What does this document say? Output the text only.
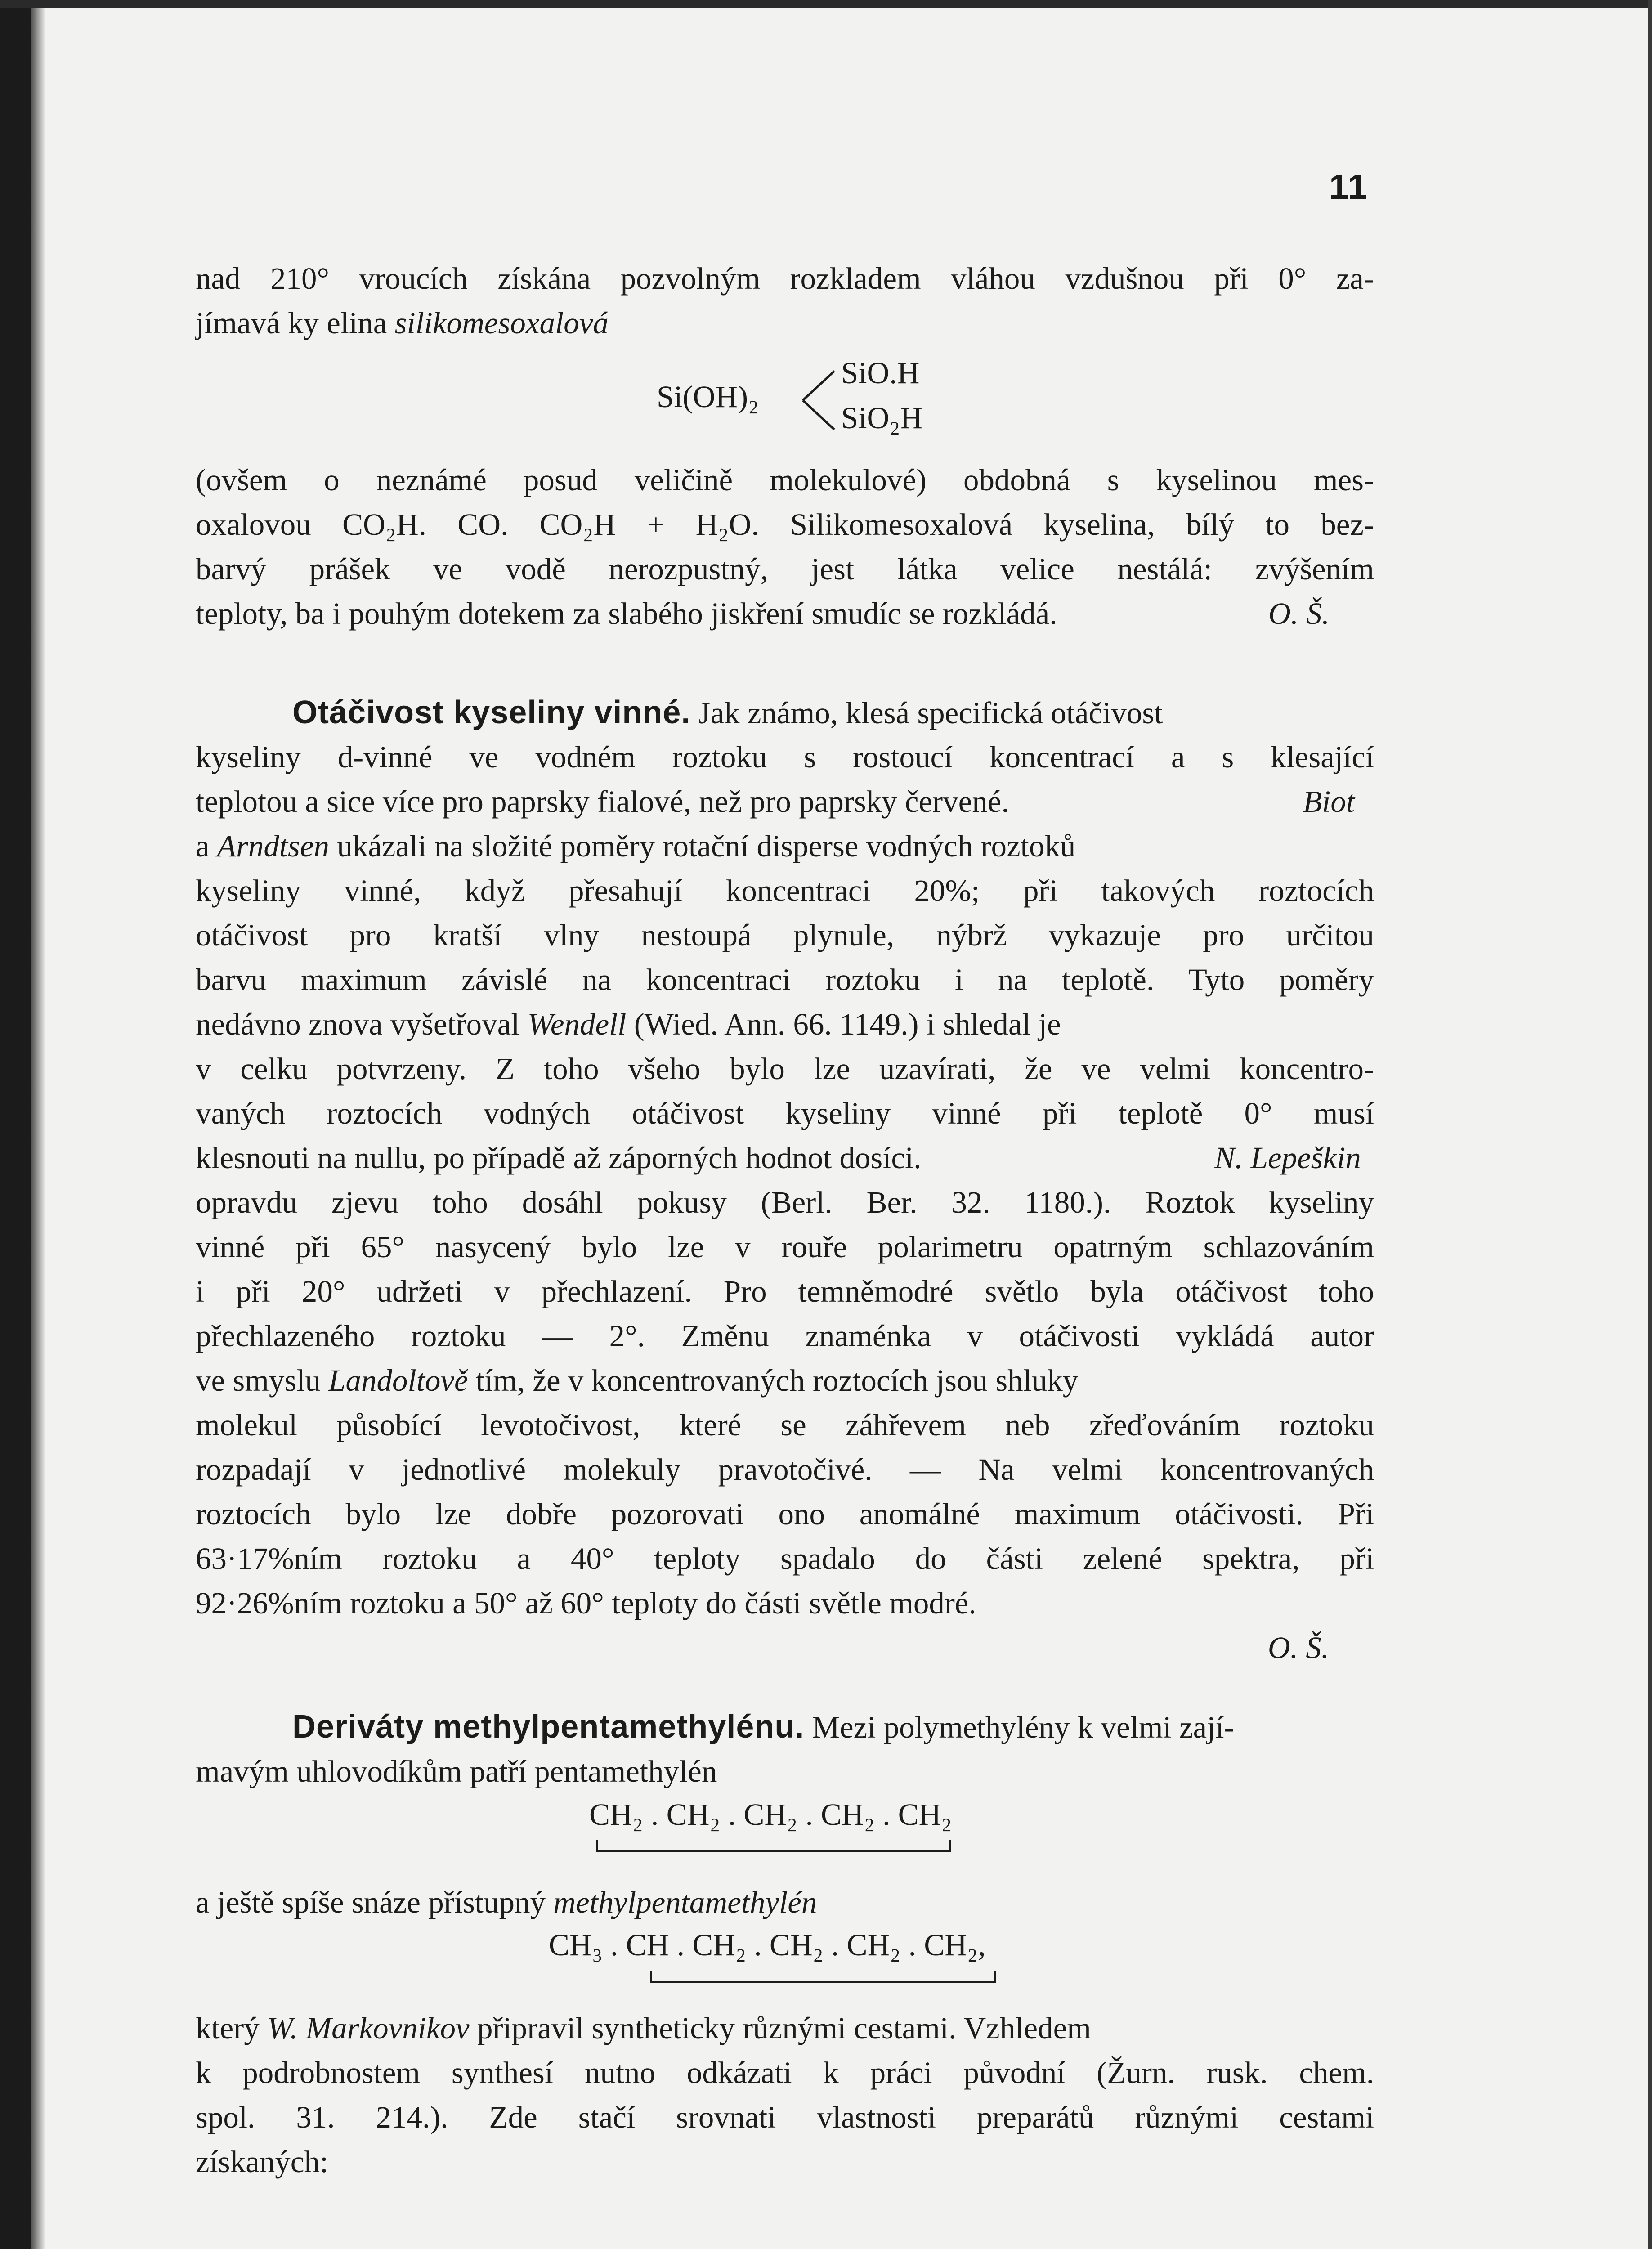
11
nad 210° vroucích získána pozvolným rozkladem vláhou vzdušnou při 0° za-
jímavá ky elina silikomesoxalová
Si(OH)₂
SiO.H
SiO₂H
(ovšem o neznámé posud veličině molekulové) obdobná s kyselinou mes-
oxalovou CO₂H. CO. CO₂H + H₂O. Silikomesoxalová kyselina, bílý to bez-
barvý prášek ve vodě nerozpustný, jest látka velice nestálá: zvýšením
teploty, ba i pouhým dotekem za slabého jiskření smudíc se rozkládá.	O. Š.
Otáčivost kyseliny vinné. Jak známo, klesá specifická otáčivost
kyseliny d-vinné ve vodném roztoku s rostoucí koncentrací a s klesající
teplotou a sice více pro paprsky fialové, než pro paprsky červené.	Biot
a Arndtsen ukázali na složité poměry rotační disperse vodných roztoků
kyseliny vinné, když přesahují koncentraci 20%; při takových roztocích
otáčivost pro kratší vlny nestoupá plynule, nýbrž vykazuje pro určitou
barvu maximum závislé na koncentraci roztoku i na teplotě. Tyto poměry
nedávno znova vyšetřoval Wendell (Wied. Ann. 66. 1149.) i shledal je
v celku potvrzeny. Z toho všeho bylo lze uzavírati, že ve velmi koncentro-
vaných roztocích vodných otáčivost kyseliny vinné při teplotě 0° musí
klesnouti na nullu, po případě až záporných hodnot dosíci.	N. Lepeškin
opravdu zjevu toho dosáhl pokusy (Berl. Ber. 32. 1180.). Roztok kyseliny
vinné při 65° nasycený bylo lze v rouře polarimetru opatrným schlazováním
i při 20° udržeti v přechlazení. Pro temněmodré světlo byla otáčivost toho
přechlazeného roztoku — 2°. Změnu znaménka v otáčivosti vykládá autor
ve smyslu Landoltově tím, že v koncentrovaných roztocích jsou shluky
molekul působící levotočivost, které se záhřevem neb zřeďováním roztoku
rozpadají v jednotlivé molekuly pravotočivé. — Na velmi koncentrovaných
roztocích bylo lze dobře pozorovati ono anomálné maximum otáčivosti. Při
63·17%ním roztoku a 40° teploty spadalo do části zelené spektra, při
92·26%ním roztoku a 50° až 60° teploty do části světle modré.
O. Š.
Deriváty methylpentamethylénu. Mezi polymethylény k velmi zají-
mavým uhlovodíkům patří pentamethylén
CH₂ . CH₂ . CH₂ . CH₂ . CH₂
a ještě spíše snáze přístupný methylpentamethylén
CH₃ . CH . CH₂ . CH₂ . CH₂ . CH₂,
který W. Markovnikov připravil syntheticky různými cestami. Vzhledem
k podrobnostem synthesí nutno odkázati k práci původní (Žurn. rusk. chem.
spol. 31. 214.). Zde stačí srovnati vlastnosti preparátů různými cestami
získaných:
